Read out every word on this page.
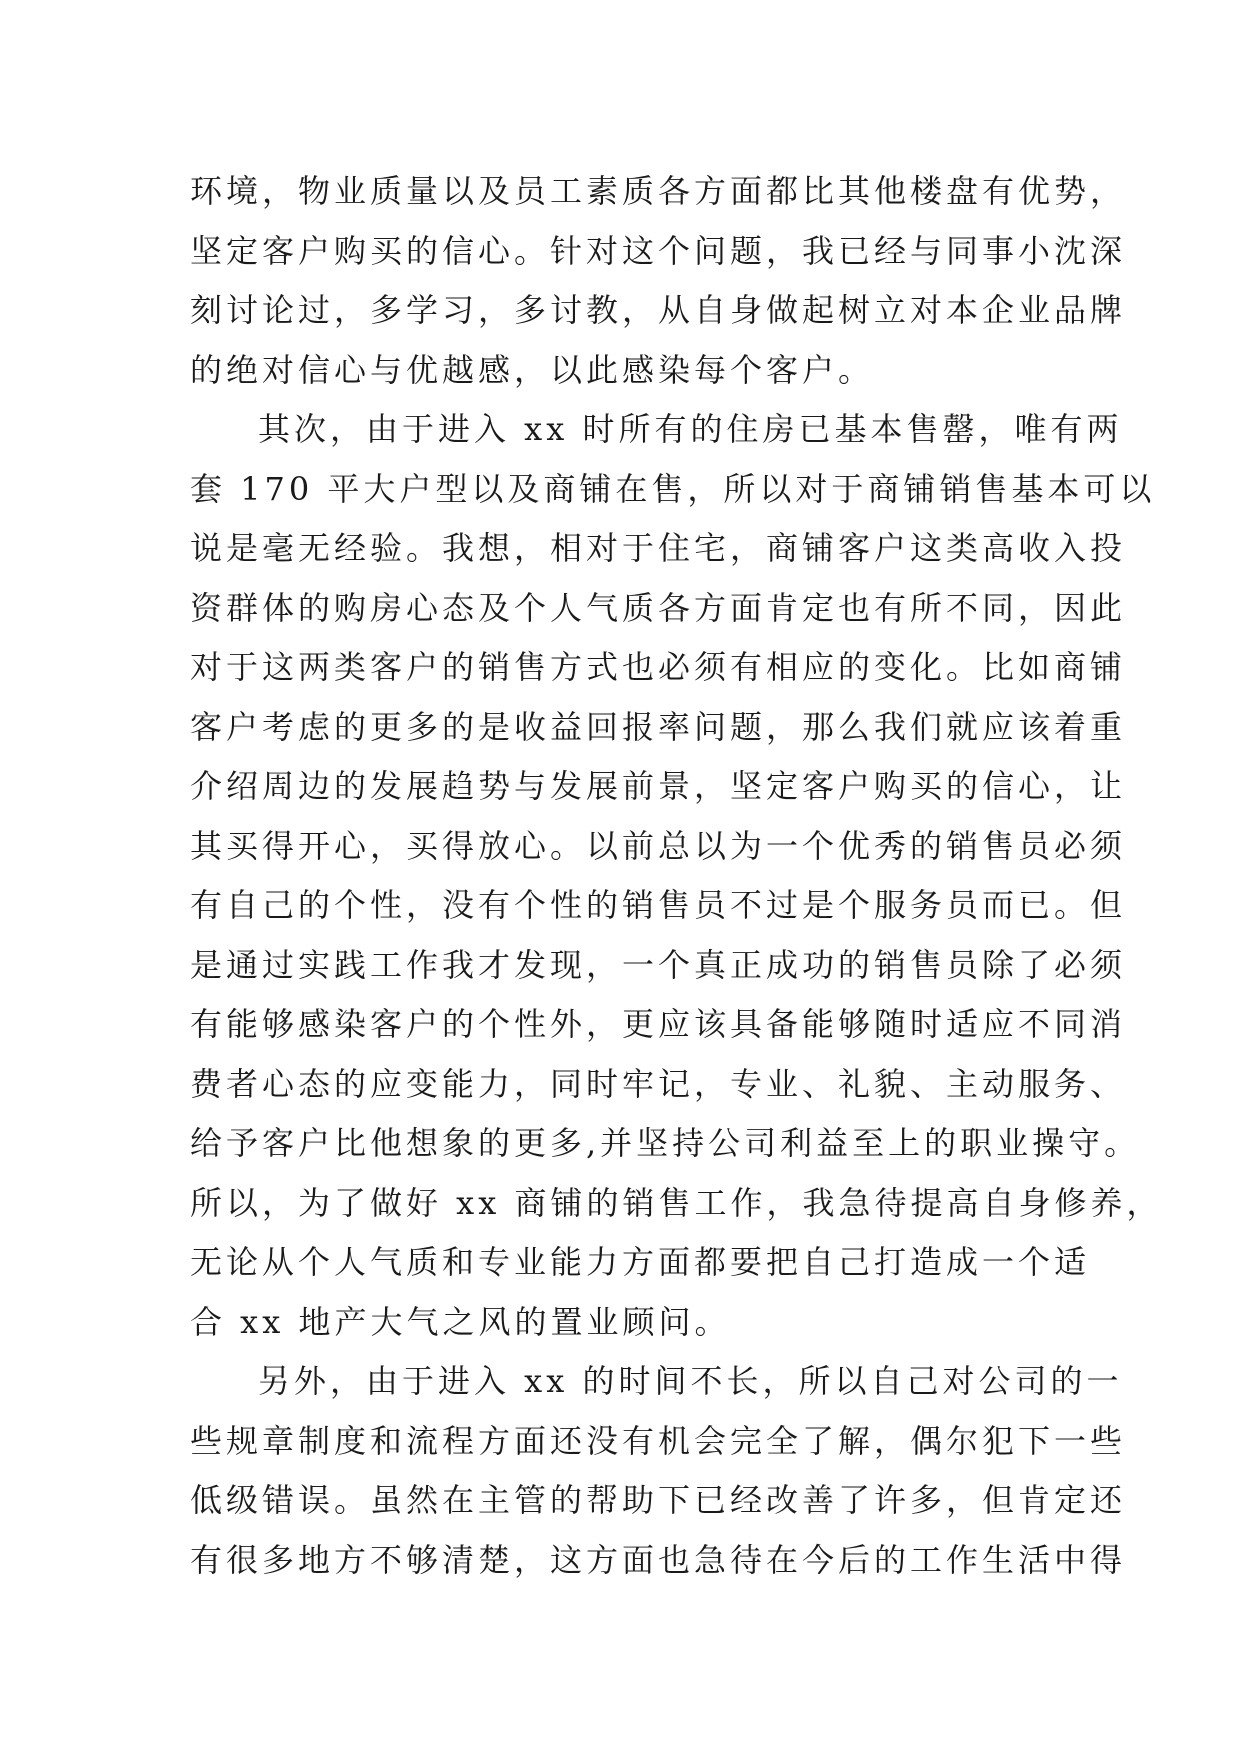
环境，物业质量以及员工素质各方面都比其他楼盘有优势，
坚定客户购买的信心。针对这个问题，我已经与同事小沈深
刻讨论过，多学习，多讨教，从自身做起树立对本企业品牌
的绝对信心与优越感，以此感染每个客户。
其次，由于进入 xx 时所有的住房已基本售罄，唯有两
套 170 平大户型以及商铺在售，所以对于商铺销售基本可以
说是毫无经验。我想，相对于住宅，商铺客户这类高收入投
资群体的购房心态及个人气质各方面肯定也有所不同，因此
对于这两类客户的销售方式也必须有相应的变化。比如商铺
客户考虑的更多的是收益回报率问题，那么我们就应该着重
介绍周边的发展趋势与发展前景，坚定客户购买的信心，让
其买得开心，买得放心。以前总以为一个优秀的销售员必须
有自己的个性，没有个性的销售员不过是个服务员而已。但
是通过实践工作我才发现，一个真正成功的销售员除了必须
有能够感染客户的个性外，更应该具备能够随时适应不同消
费者心态的应变能力，同时牢记，专业、礼貌、主动服务、
给予客户比他想象的更多,并坚持公司利益至上的职业操守。
所以，为了做好 xx 商铺的销售工作，我急待提高自身修养，
无论从个人气质和专业能力方面都要把自己打造成一个适
合 xx 地产大气之风的置业顾问。
另外，由于进入 xx 的时间不长，所以自己对公司的一
些规章制度和流程方面还没有机会完全了解，偶尔犯下一些
低级错误。虽然在主管的帮助下已经改善了许多，但肯定还
有很多地方不够清楚，这方面也急待在今后的工作生活中得
